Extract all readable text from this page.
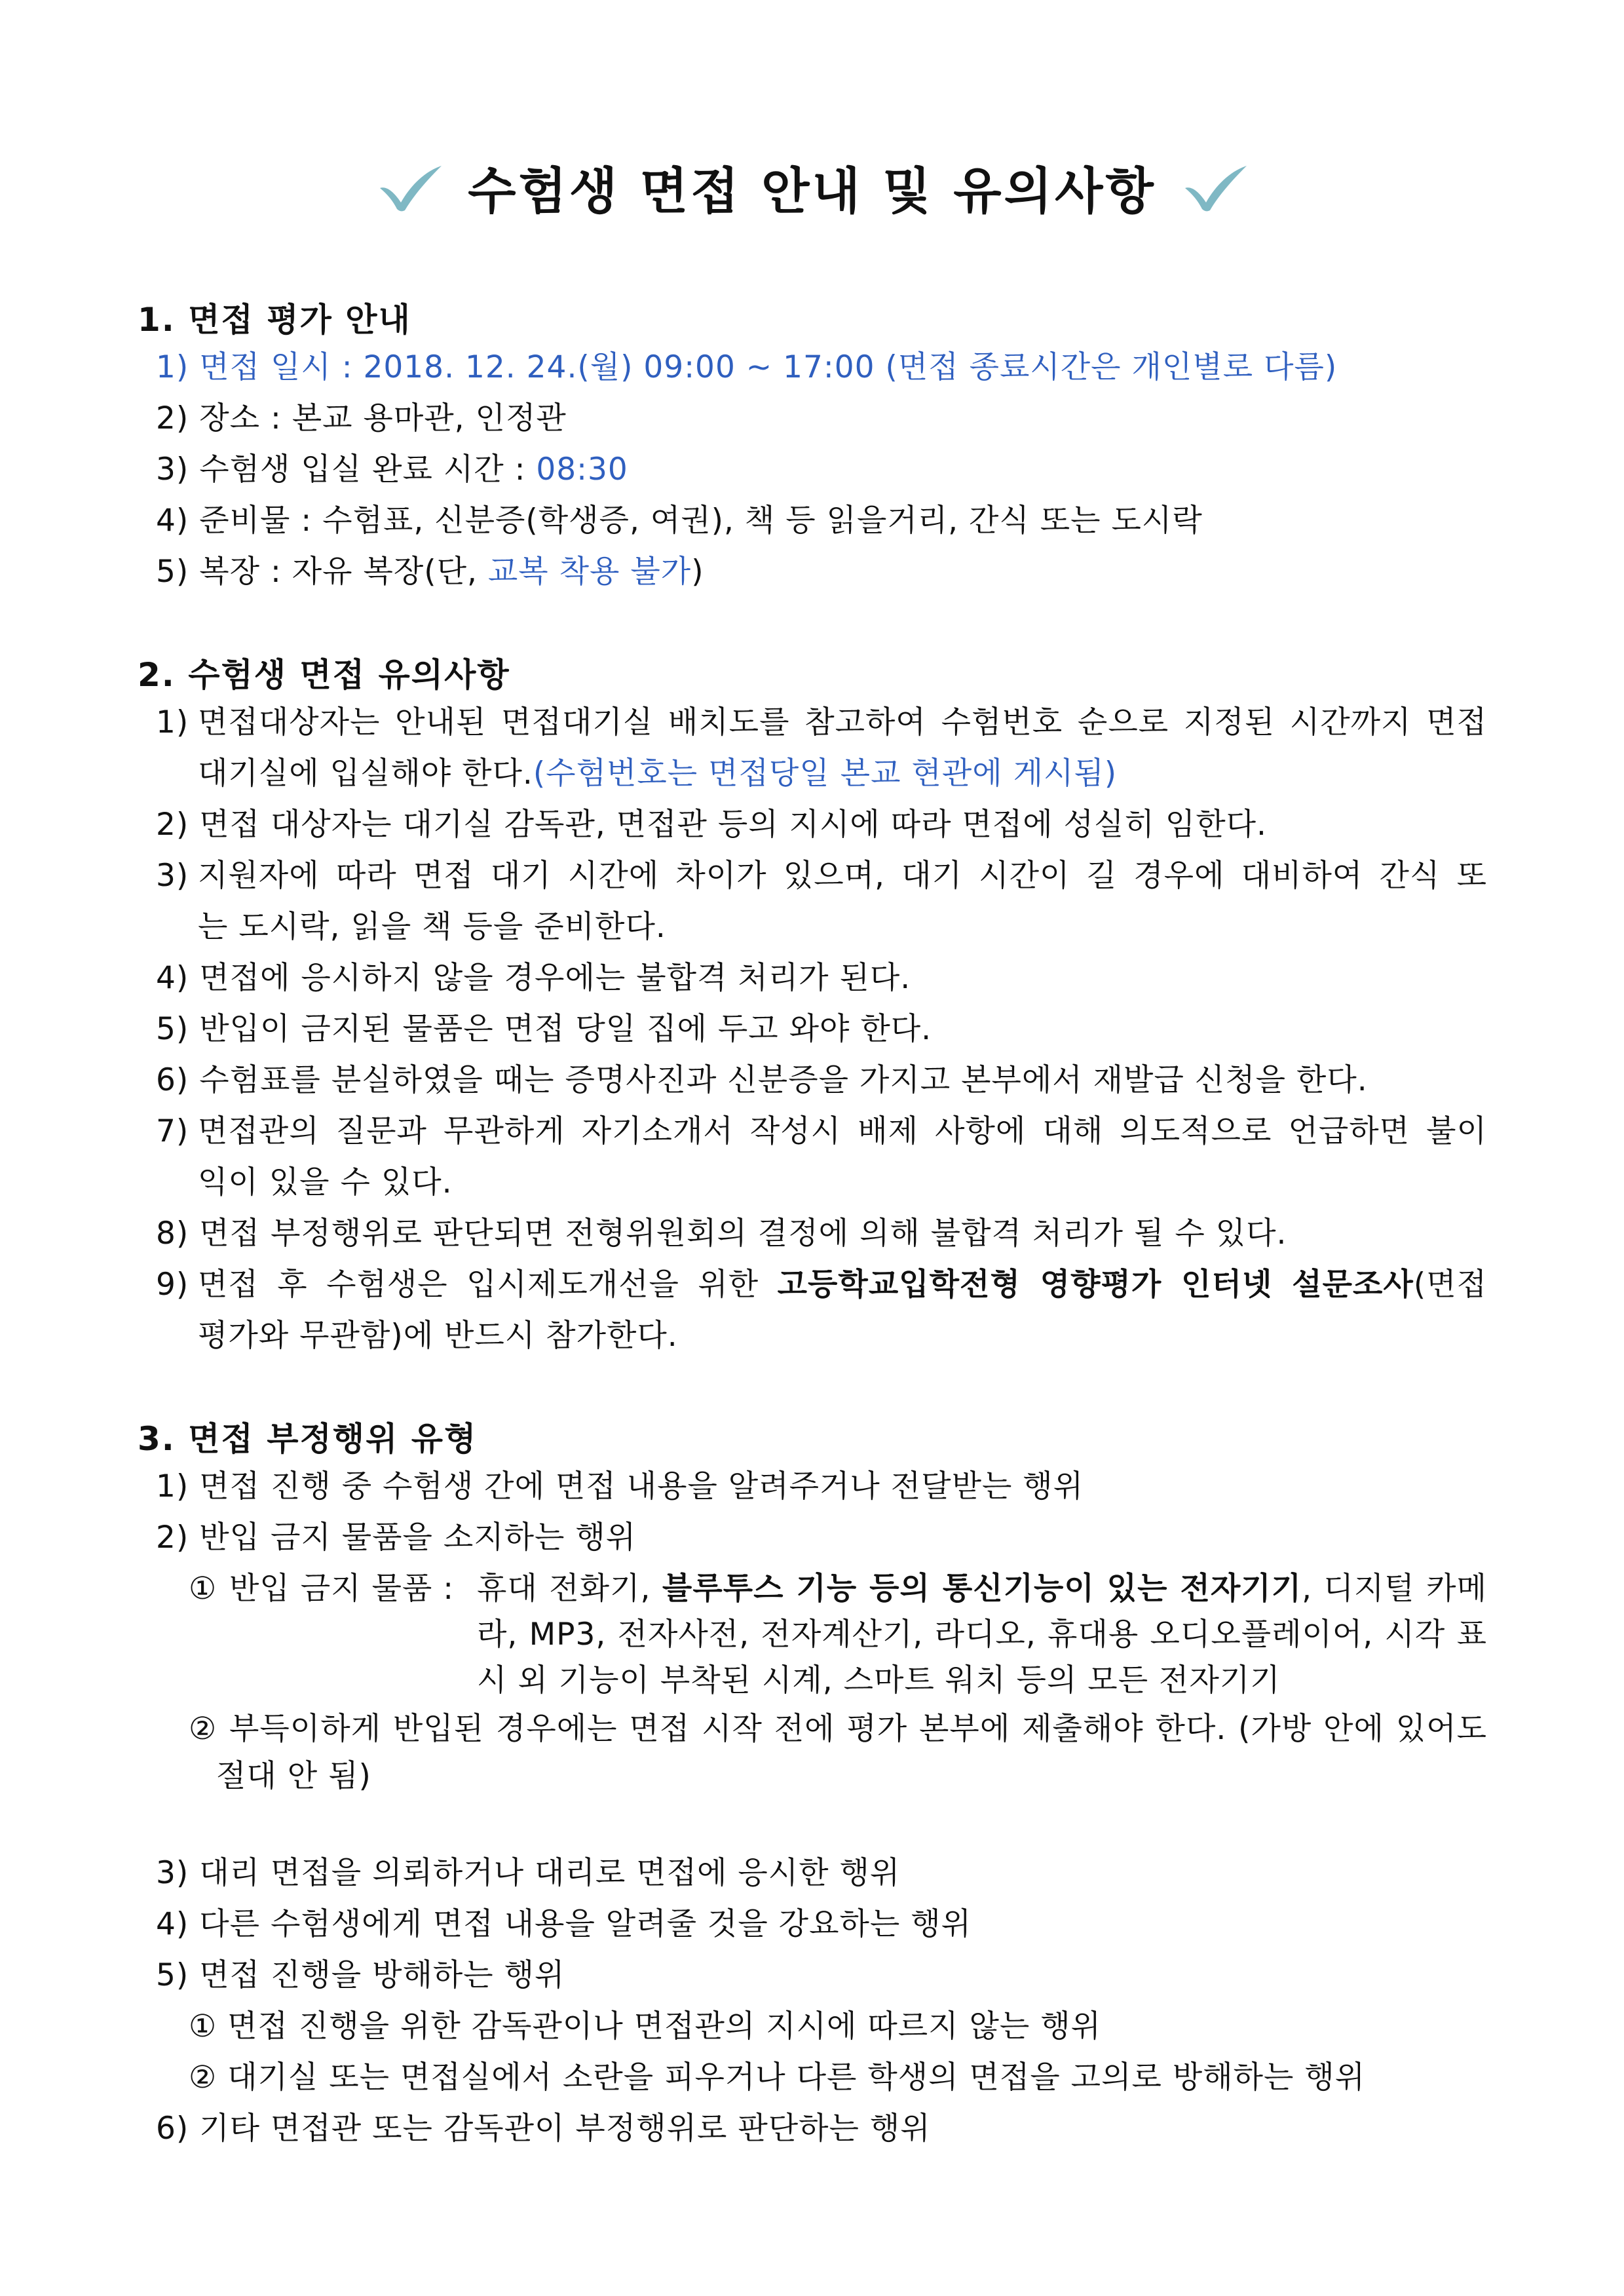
수험생 면접 안내 및 유의사항
1. 면접 평가 안내
1) 면접 일시 : 2018. 12. 24.(월) 09:00 ~ 17:00 (면접 종료시간은 개인별로 다름)
2) 장소 : 본교 용마관, 인정관
3) 수험생 입실 완료 시간 : 08:30
4) 준비물 : 수험표, 신분증(학생증, 여권), 책 등 읽을거리, 간식 또는 도시락
5) 복장 : 자유 복장(단, 교복 착용 불가)
2. 수험생 면접 유의사항
1) 면접대상자는 안내된 면접대기실 배치도를 참고하여 수험번호 순으로 지정된 시간까지 면접
대기실에 입실해야 한다.(수험번호는 면접당일 본교 현관에 게시됨)
2) 면접 대상자는 대기실 감독관, 면접관 등의 지시에 따라 면접에 성실히 임한다.
3) 지원자에 따라 면접 대기 시간에 차이가 있으며, 대기 시간이 길 경우에 대비하여 간식 또
는 도시락, 읽을 책 등을 준비한다.
4) 면접에 응시하지 않을 경우에는 불합격 처리가 된다.
5) 반입이 금지된 물품은 면접 당일 집에 두고 와야 한다.
6) 수험표를 분실하였을 때는 증명사진과 신분증을 가지고 본부에서 재발급 신청을 한다.
7) 면접관의 질문과 무관하게 자기소개서 작성시 배제 사항에 대해 의도적으로 언급하면 불이
익이 있을 수 있다.
8) 면접 부정행위로 판단되면 전형위원회의 결정에 의해 불합격 처리가 될 수 있다.
9) 면접 후 수험생은 입시제도개선을 위한 고등학교입학전형 영향평가 인터넷 설문조사(면접
평가와 무관함)에 반드시 참가한다.
3. 면접 부정행위 유형
1) 면접 진행 중 수험생 간에 면접 내용을 알려주거나 전달받는 행위
2) 반입 금지 물품을 소지하는 행위
① 반입 금지 물품 : 휴대 전화기, 블루투스 기능 등의 통신기능이 있는 전자기기, 디지털 카메
라, MP3, 전자사전, 전자계산기, 라디오, 휴대용 오디오플레이어, 시각 표
시 외 기능이 부착된 시계, 스마트 워치 등의 모든 전자기기
② 부득이하게 반입된 경우에는 면접 시작 전에 평가 본부에 제출해야 한다. (가방 안에 있어도
절대 안 됨)
3) 대리 면접을 의뢰하거나 대리로 면접에 응시한 행위
4) 다른 수험생에게 면접 내용을 알려줄 것을 강요하는 행위
5) 면접 진행을 방해하는 행위
① 면접 진행을 위한 감독관이나 면접관의 지시에 따르지 않는 행위
② 대기실 또는 면접실에서 소란을 피우거나 다른 학생의 면접을 고의로 방해하는 행위
6) 기타 면접관 또는 감독관이 부정행위로 판단하는 행위
